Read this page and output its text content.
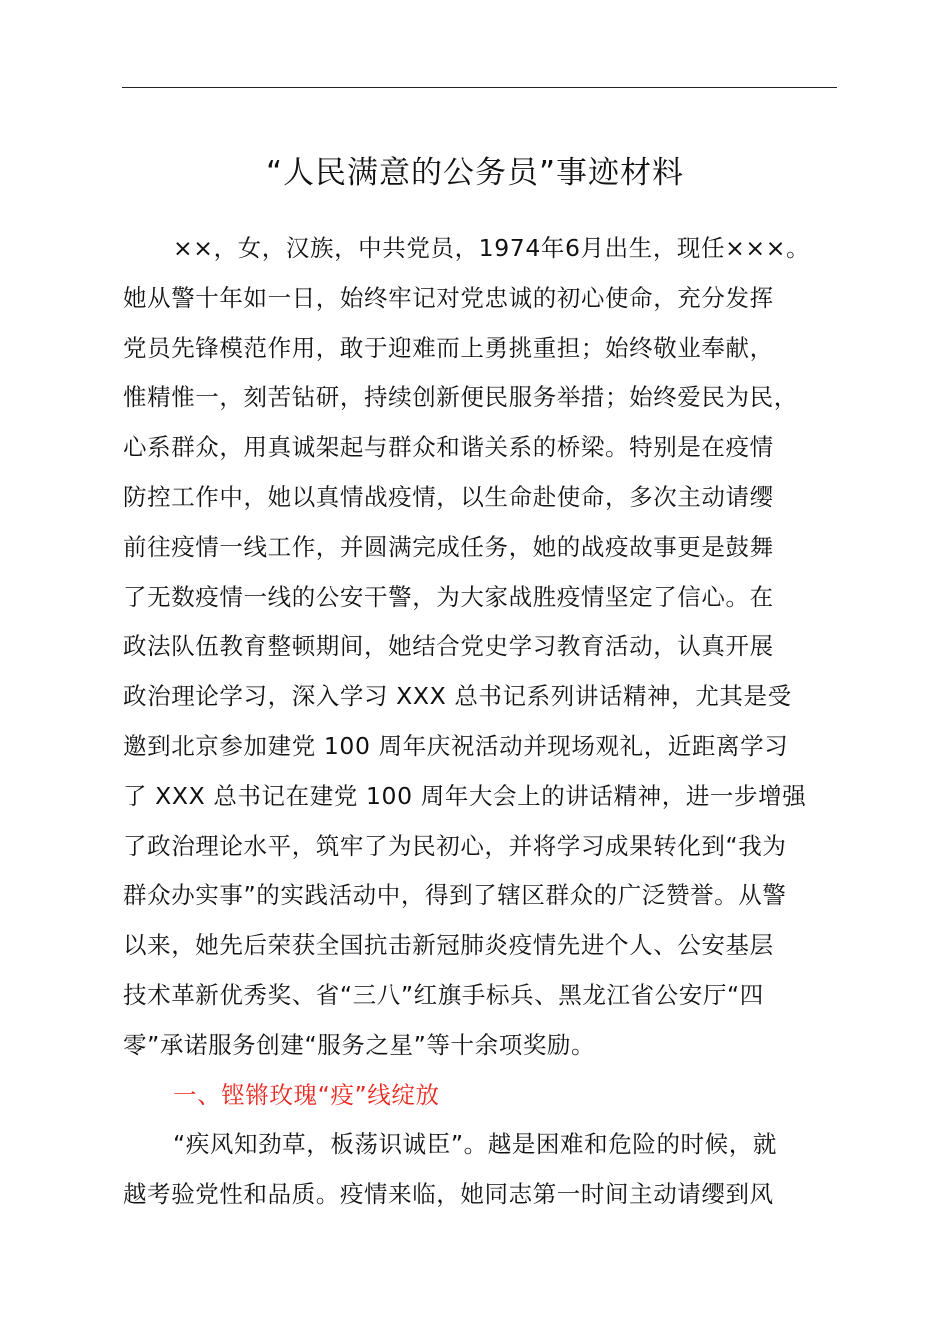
“人民满意的公务员”事迹材料
××，女，汉族，中共党员，1974年6月出生，现任×××。
她从警十年如一日，始终牢记对党忠诚的初心使命，充分发挥
党员先锋模范作用，敢于迎难而上勇挑重担；始终敬业奉献，
惟精惟一，刻苦钻研，持续创新便民服务举措；始终爱民为民，
心系群众，用真诚架起与群众和谐关系的桥梁。特别是在疫情
防控工作中，她以真情战疫情，以生命赴使命，多次主动请缨
前往疫情一线工作，并圆满完成任务，她的战疫故事更是鼓舞
了无数疫情一线的公安干警，为大家战胜疫情坚定了信心。在
政法队伍教育整顿期间，她结合党史学习教育活动，认真开展
政治理论学习，深入学习 XXX 总书记系列讲话精神，尤其是受
邀到北京参加建党 100 周年庆祝活动并现场观礼，近距离学习
了 XXX 总书记在建党 100 周年大会上的讲话精神，进一步增强
了政治理论水平，筑牢了为民初心，并将学习成果转化到“我为
群众办实事”的实践活动中，得到了辖区群众的广泛赞誉。从警
以来，她先后荣获全国抗击新冠肺炎疫情先进个人、公安基层
技术革新优秀奖、省“三八”红旗手标兵、黑龙江省公安厅“四
零”承诺服务创建“服务之星”等十余项奖励。
一、铿锵玫瑰“疫”线绽放
“疾风知劲草，板荡识诚臣”。越是困难和危险的时候，就
越考验党性和品质。疫情来临，她同志第一时间主动请缨到风
